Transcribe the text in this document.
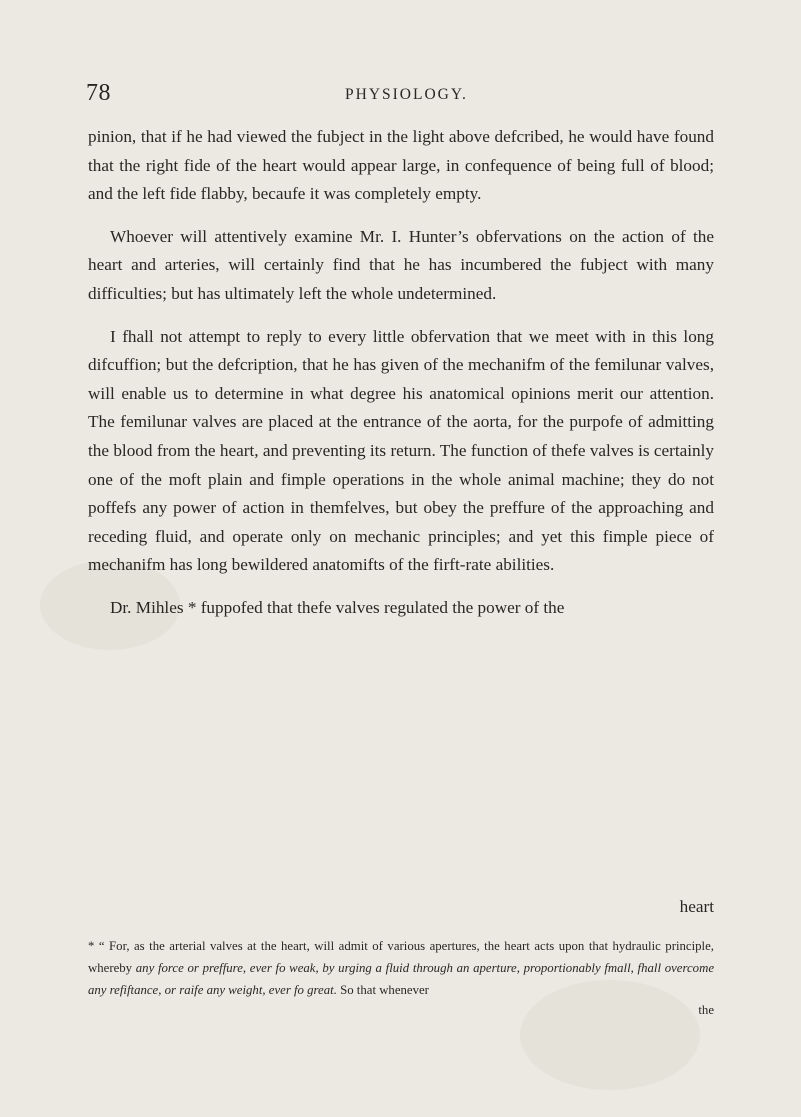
78	PHYSIOLOGY.

pinion, that if he had viewed the fubject in the light above defcribed, he would have found that the right fide of the heart would appear large, in confequence of being full of blood; and the left fide flabby, becaufe it was completely empty.

Whoever will attentively examine Mr. I. Hunter’s obfervations on the action of the heart and arteries, will certainly find that he has incumbered the fubject with many difficulties; but has ultimately left the whole undetermined.

I fhall not attempt to reply to every little obfervation that we meet with in this long difcuffion; but the defcription, that he has given of the mechanifm of the femilunar valves, will enable us to determine in what degree his anatomical opinions merit our attention. The femilunar valves are placed at the entrance of the aorta, for the purpofe of admitting the blood from the heart, and preventing its return. The function of thefe valves is certainly one of the moft plain and fimple operations in the whole animal machine; they do not poffefs any power of action in themfelves, but obey the preffure of the approaching and receding fluid, and operate only on mechanic principles; and yet this fimple piece of mechanifm has long bewildered anatomifts of the firft-rate abilities.

Dr. Mihles * fuppofed that thefe valves regulated the power of the

heart
* “ For, as the arterial valves at the heart, will admit of various apertures, the heart acts upon that hydraulic principle, whereby any force or preffure, ever fo weak, by urging a fluid through an aperture, proportionably fmall, fhall overcome any refiftance, or raife any weight, ever fo great. So that whenever
the
